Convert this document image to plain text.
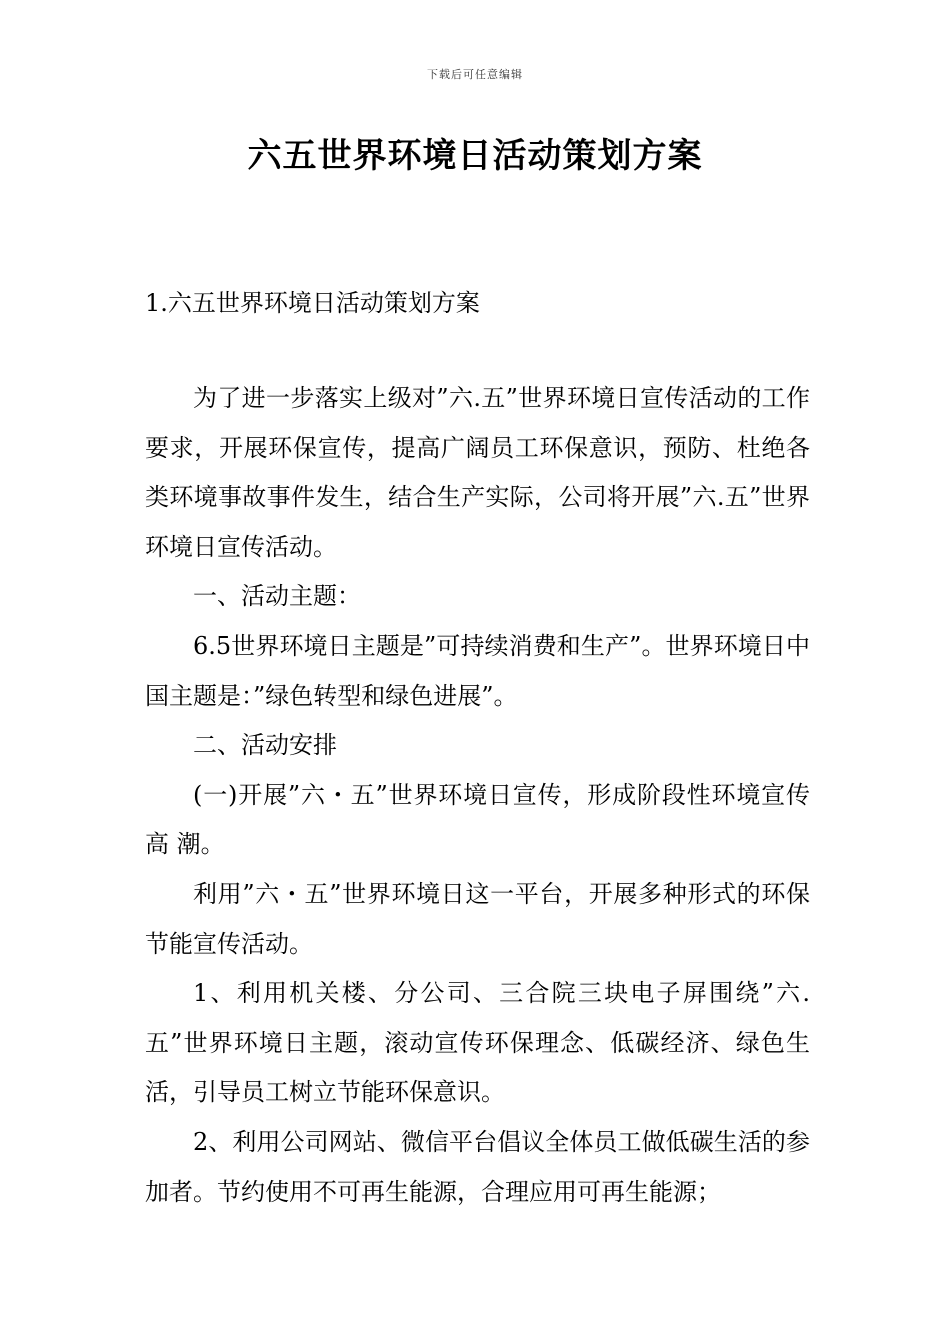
下载后可任意编辑
六五世界环境日活动策划方案
1.六五世界环境日活动策划方案

为了进一步落实上级对”六.五”世界环境日宣传活动的工作要求，开展环保宣传，提高广阔员工环保意识，预防、杜绝各类环境事故事件发生，结合生产实际，公司将开展”六.五”世界环境日宣传活动。

一、活动主题：

6.5世界环境日主题是”可持续消费和生产”。世界环境日中国主题是：”绿色转型和绿色进展”。

二、活动安排

(一)开展”六・五”世界环境日宣传，形成阶段性环境宣传高 潮。

利用”六・五”世界环境日这一平台，开展多种形式的环保节能宣传活动。

1、利用机关楼、分公司、三合院三块电子屏围绕”六.五”世界环境日主题，滚动宣传环保理念、低碳经济、绿色生活，引导员工树立节能环保意识。

2、利用公司网站、微信平台倡议全体员工做低碳生活的参加者。节约使用不可再生能源，合理应用可再生能源；
